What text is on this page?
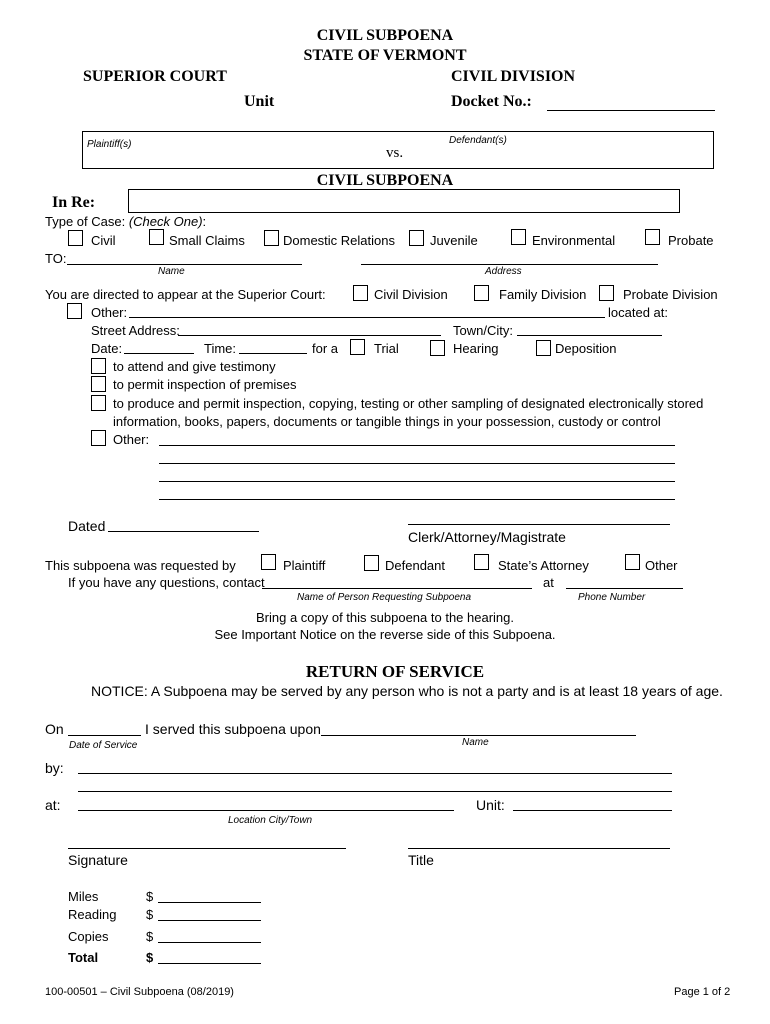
CIVIL SUBPOENA
STATE OF VERMONT
SUPERIOR COURT	CIVIL DIVISION
Unit	Docket No.:
Plaintiff(s)
vs.
Defendant(s)
CIVIL SUBPOENA
In Re:
Type of Case: (Check One):
Civil	Small Claims	Domestic Relations	Juvenile	Environmental	Probate
TO:
Name	Address
You are directed to appear at the Superior Court:	Civil Division	Family Division	Probate Division
Other:	located at:
Street Address:	Town/City:
Date:	Time:	for a	Trial	Hearing	Deposition
to attend and give testimony
to permit inspection of premises
to produce and permit inspection, copying, testing or other sampling of designated electronically stored
information, books, papers, documents or tangible things in your possession, custody or control
Other:
Dated
Clerk/Attorney/Magistrate
This subpoena was requested by	Plaintiff	Defendant	State’s Attorney	Other
If you have any questions, contact	at
Name of Person Requesting Subpoena	Phone Number
Bring a copy of this subpoena to the hearing.
See Important Notice on the reverse side of this Subpoena.
RETURN OF SERVICE
NOTICE: A Subpoena may be served by any person who is not a party and is at least 18 years of age.
On	I served this subpoena upon
Date of Service	Name
by:
at:	Unit:
Location City/Town
Signature	Title
Miles	$
Reading $
Copies	$
Total	$
100-00501 – Civil Subpoena (08/2019)	Page 1 of 2
